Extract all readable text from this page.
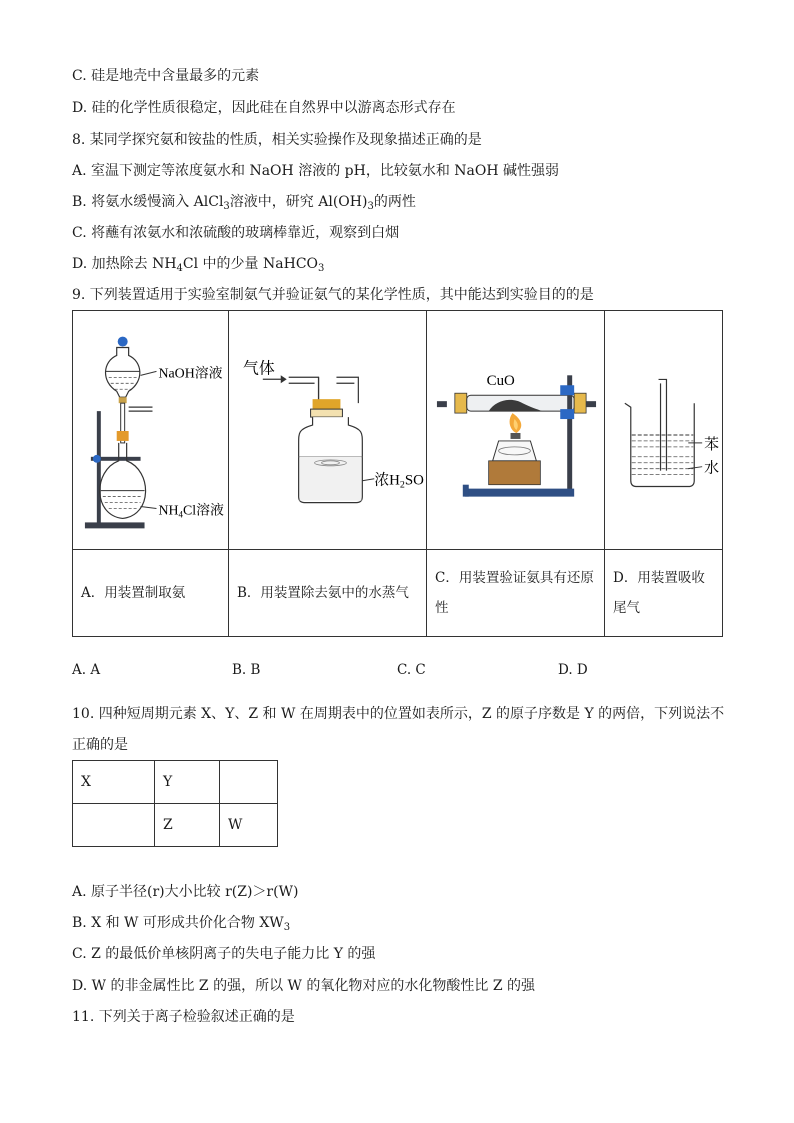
C. 硅是地壳中含量最多的元素
D. 硅的化学性质很稳定，因此硅在自然界中以游离态形式存在
8. 某同学探究氨和铵盐的性质，相关实验操作及现象描述正确的是
A. 室温下测定等浓度氨水和 NaOH 溶液的 pH，比较氨水和 NaOH 碱性强弱
B. 将氨水缓慢滴入 AlCl$_3$溶液中，研究 $Al(OH)_3$的两性
C. 将蘸有浓氨水和浓硫酸的玻璃棒靠近，观察到白烟
D. 加热除去 $NH_4Cl$ 中的少量 NaHCO$_3$
9. 下列装置适用于实验室制氨气并验证氨气的某化学性质，其中能达到实验目的的是
NaOH溶液
$NH_4Cl$溶液	气体
浓$H_2SO$	CuO	苯
水

A．用装置制取氨	B．用装置除去氨中的水蒸气	C．用装置验证氨具有还原性	D．用装置吸收尾气
A. A	B. B	C. C	D. D
10. 四种短周期元素 X、Y、Z 和 W 在周期表中的位置如表所示，Z 的原子序数是 Y 的两倍，下列说法不
正确的是
X	Y	
	Z	W
A. 原子半径(r)大小比较 r(Z)＞r(W)
B. X 和 W 可形成共价化合物 $XW_3$
C. Z 的最低价单核阴离子的失电子能力比 Y 的强
D. W 的非金属性比 Z 的强，所以 W 的氧化物对应的水化物酸性比 Z 的强
11. 下列关于离子检验叙述正确的是
